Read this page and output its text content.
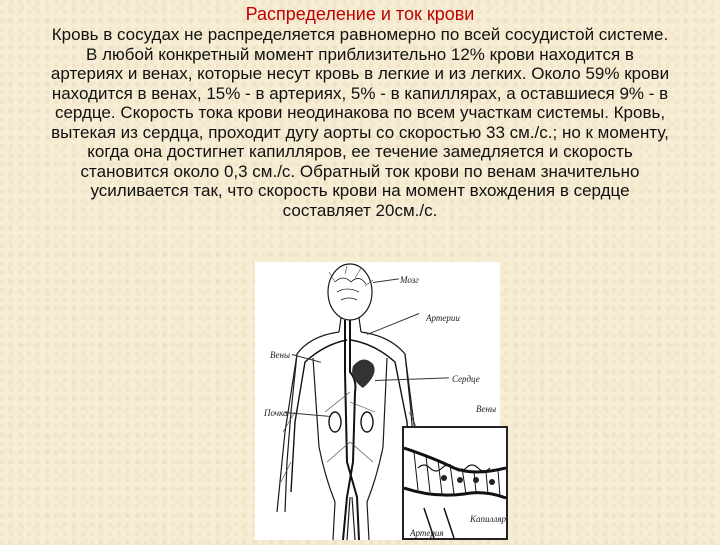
Распределение и ток крови
Кровь в сосудах не распределяется равномерно по всей сосудистой системе. В любой конкретный момент приблизительно 12% крови находится в артериях и венах, которые несут кровь в легкие и из легких. Около 59% крови находится в венах, 15% - в артериях, 5% - в капиллярах, а оставшиеся 9% - в сердце. Скорость тока крови неодинакова по всем участкам системы. Кровь, вытекая из сердца, проходит дугу аорты со скоростью 33 см./с.; но к моменту, когда она достигнет капилляров, ее течение замедляется и скорость становится около 0,3 см./с. Обратный ток крови по венам значительно усиливается так, что скорость крови на момент вхождения в сердце составляет 20см./с.
Мозг
Артерии
Вены
Сердце
Почка	Вены
Капилляр
Артерия
